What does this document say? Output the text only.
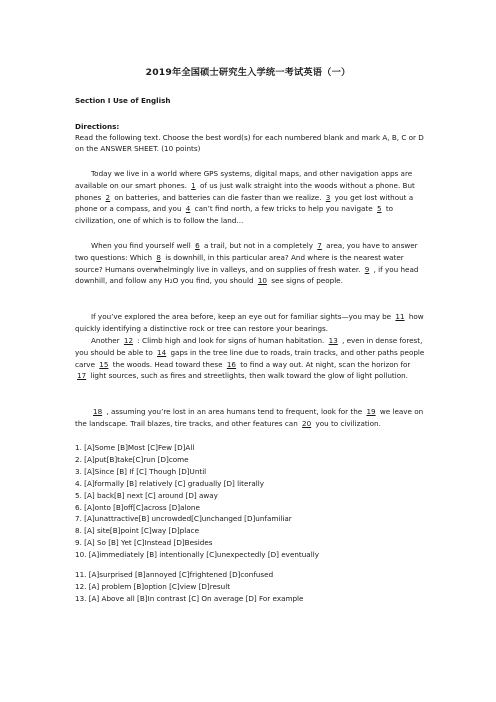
2019年全国硕士研究生入学统一考试英语（一）
Section Ⅰ Use of English
Directions:
Read the following text. Choose the best word(s) for each numbered blank and mark A, B, C or D on the ANSWER SHEET. (10 points)

Today we live in a world where GPS systems, digital maps, and other navigation apps are available on our smart phones. 1 of us just walk straight into the woods without a phone. But phones 2 on batteries, and batteries can die faster than we realize. 3 you get lost without a phone or a compass, and you 4 can’t find north, a few tricks to help you navigate 5 to civilization, one of which is to follow the land...

When you find yourself well 6 a trail, but not in a completely 7 area, you have to answer two questions: Which 8 is downhill, in this particular area? And where is the nearest water source? Humans overwhelmingly live in valleys, and on supplies of fresh water. 9 , if you head downhill, and follow any H₂O you find, you should 10 see signs of people.

If you’ve explored the area before, keep an eye out for familiar sights—you may be 11 how quickly identifying a distinctive rock or tree can restore your bearings.

Another 12 : Climb high and look for signs of human habitation. 13 , even in dense forest, you should be able to 14 gaps in the tree line due to roads, train tracks, and other paths people carve 15 the woods. Head toward these 16 to find a way out. At night, scan the horizon for 17 light sources, such as fires and streetlights, then walk toward the glow of light pollution.

18 , assuming you’re lost in an area humans tend to frequent, look for the 19 we leave on the landscape. Trail blazes, tire tracks, and other features can 20 you to civilization.

1. [A]Some [B]Most [C]Few [D]All
2. [A]put[B]take[C]run [D]come
3. [A]Since [B] If [C] Though [D]Until
4. [A]formally [B] relatively [C] gradually [D] literally
5. [A] back[B] next [C] around [D] away
6. [A]onto [B]off[C]across [D]alone
7. [A]unattractive[B] uncrowded[C]unchanged [D]unfamiliar
8. [A] site[B]point [C]way [D]place
9. [A] So [B] Yet [C]Instead [D]Besides
10. [A]immediately [B] intentionally [C]unexpectedly [D] eventually
11. [A]surprised [B]annoyed [C]frightened [D]confused
12. [A] problem [B]option [C]view [D]result
13. [A] Above all [B]In contrast [C] On average [D] For example
